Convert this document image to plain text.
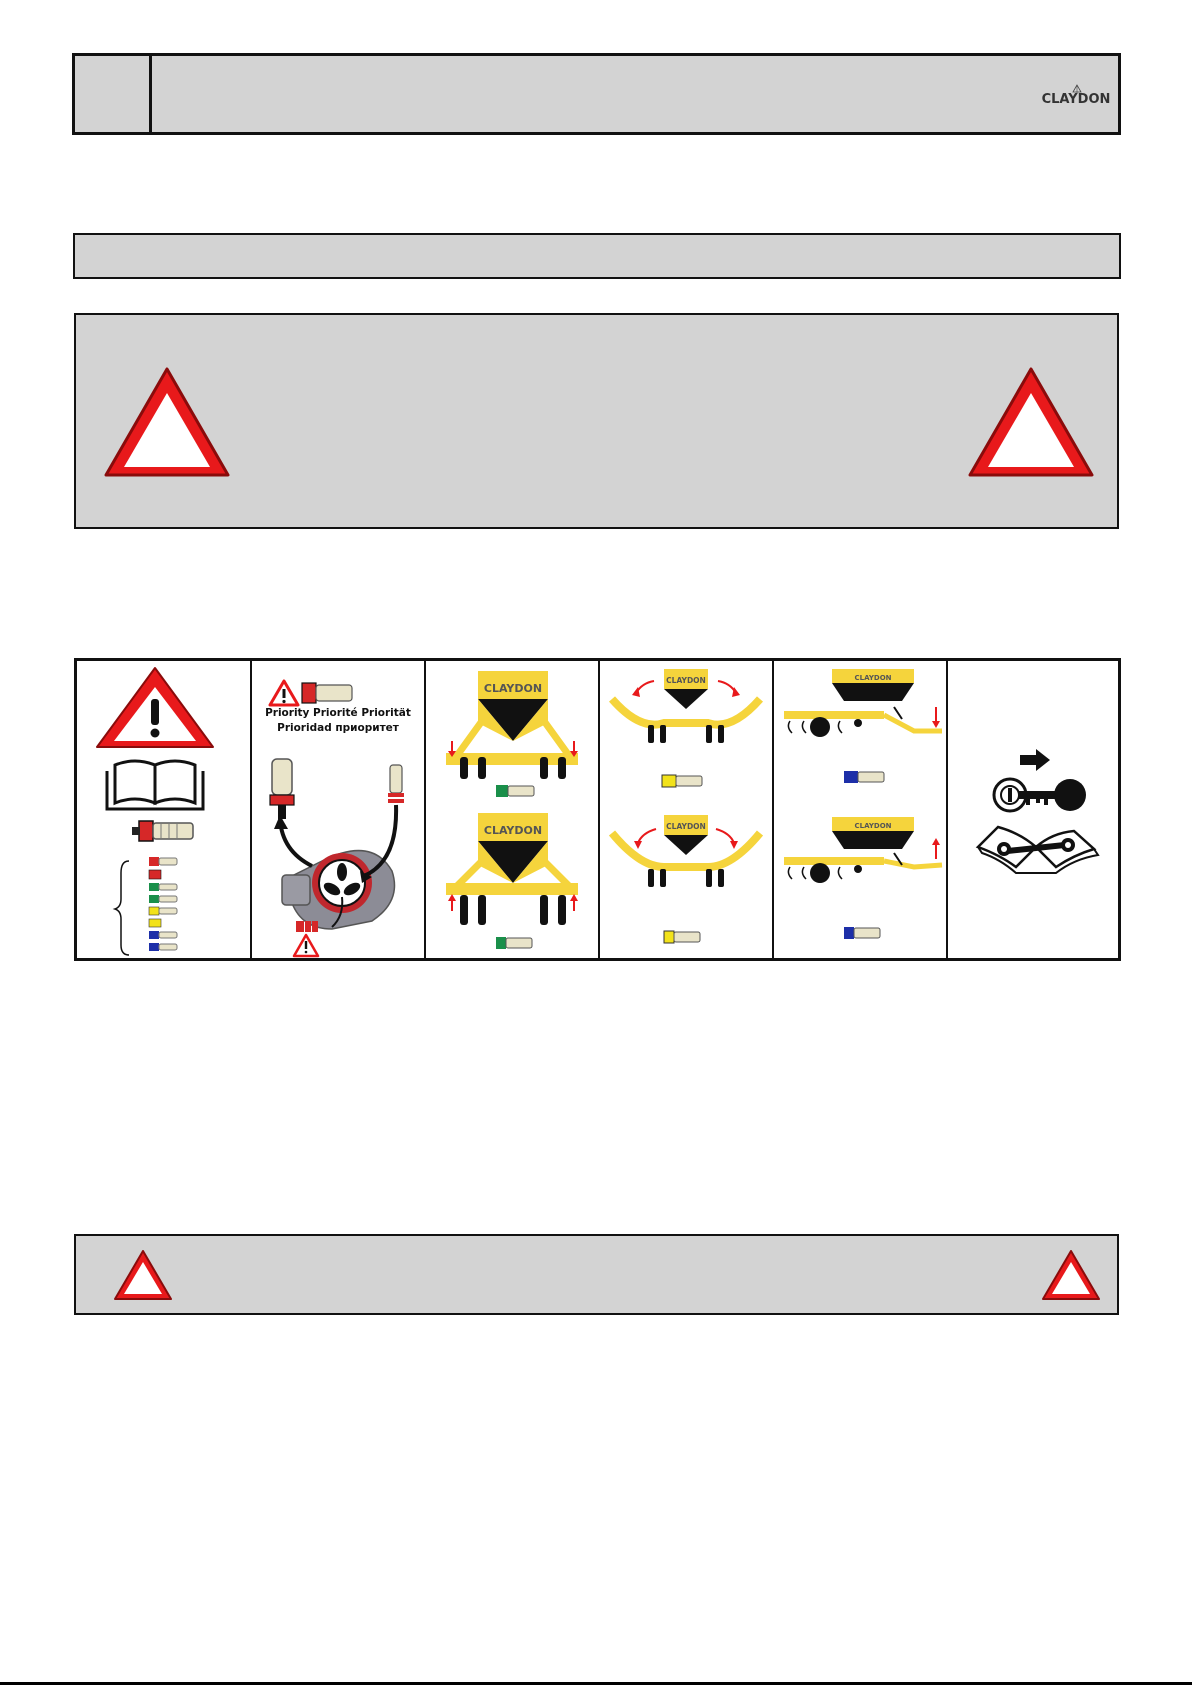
CLAYDON
Priority Priorité Priorität
Prioridad приоритет
CLAYDON
CLAYDON
CLAYDON
CLAYDON
CLAYDON
CLAYDON
